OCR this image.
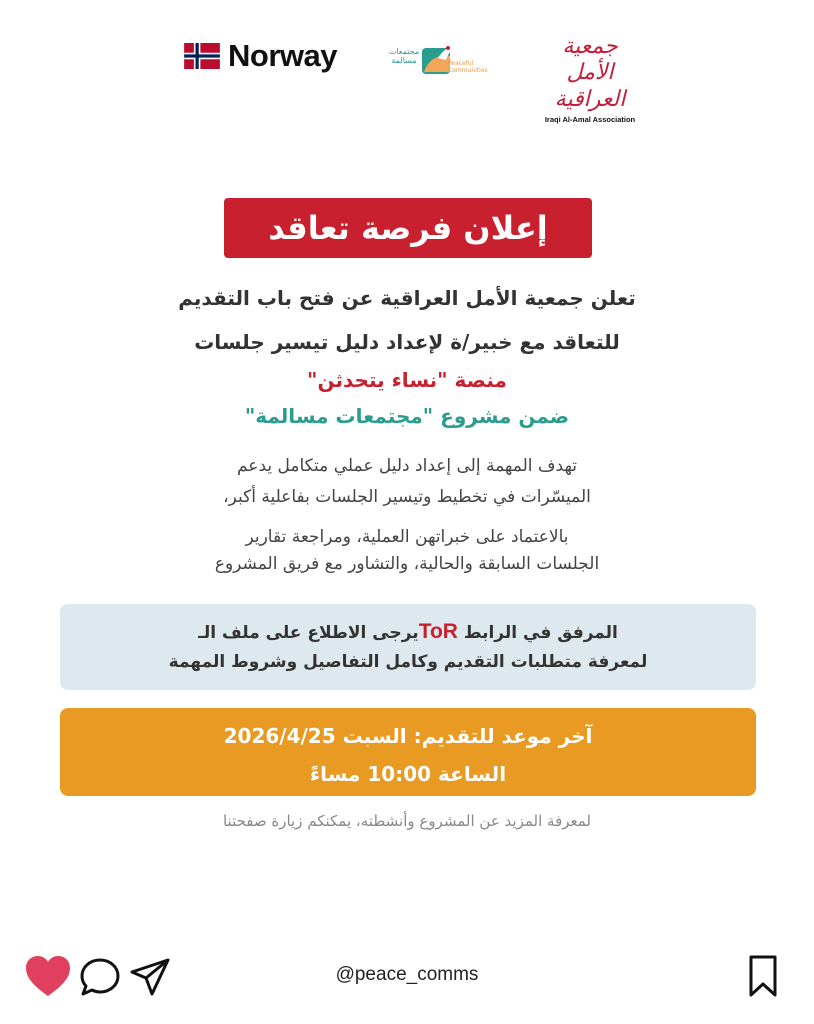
Norway	مجتمعات مسالمة	Peaceful Communities
جمعية الأمل العراقية
Iraqi Al-Amal Association
إعلان فرصة تعاقد
تعلن جمعية الأمل العراقية عن فتح باب التقديم
للتعاقد مع خبير/ة لإعداد دليل تيسير جلسات
منصة "نساء يتحدثن"
ضمن مشروع "مجتمعات مسالمة"
تهدف المهمة إلى إعداد دليل عملي متكامل يدعم
الميسّرات في تخطيط وتيسير الجلسات بفاعلية أكبر،
بالاعتماد على خبراتهن العملية، ومراجعة تقارير
الجلسات السابقة والحالية، والتشاور مع فريق المشروع
المرفق في الرابط ToRيرجى الاطلاع على ملف الـ
لمعرفة متطلبات التقديم وكامل التفاصيل وشروط المهمة
آخر موعد للتقديم: السبت 2026/4/25
الساعة 10:00 مساءً
لمعرفة المزيد عن المشروع وأنشطته، يمكنكم زيارة صفحتنا
@peace_comms
